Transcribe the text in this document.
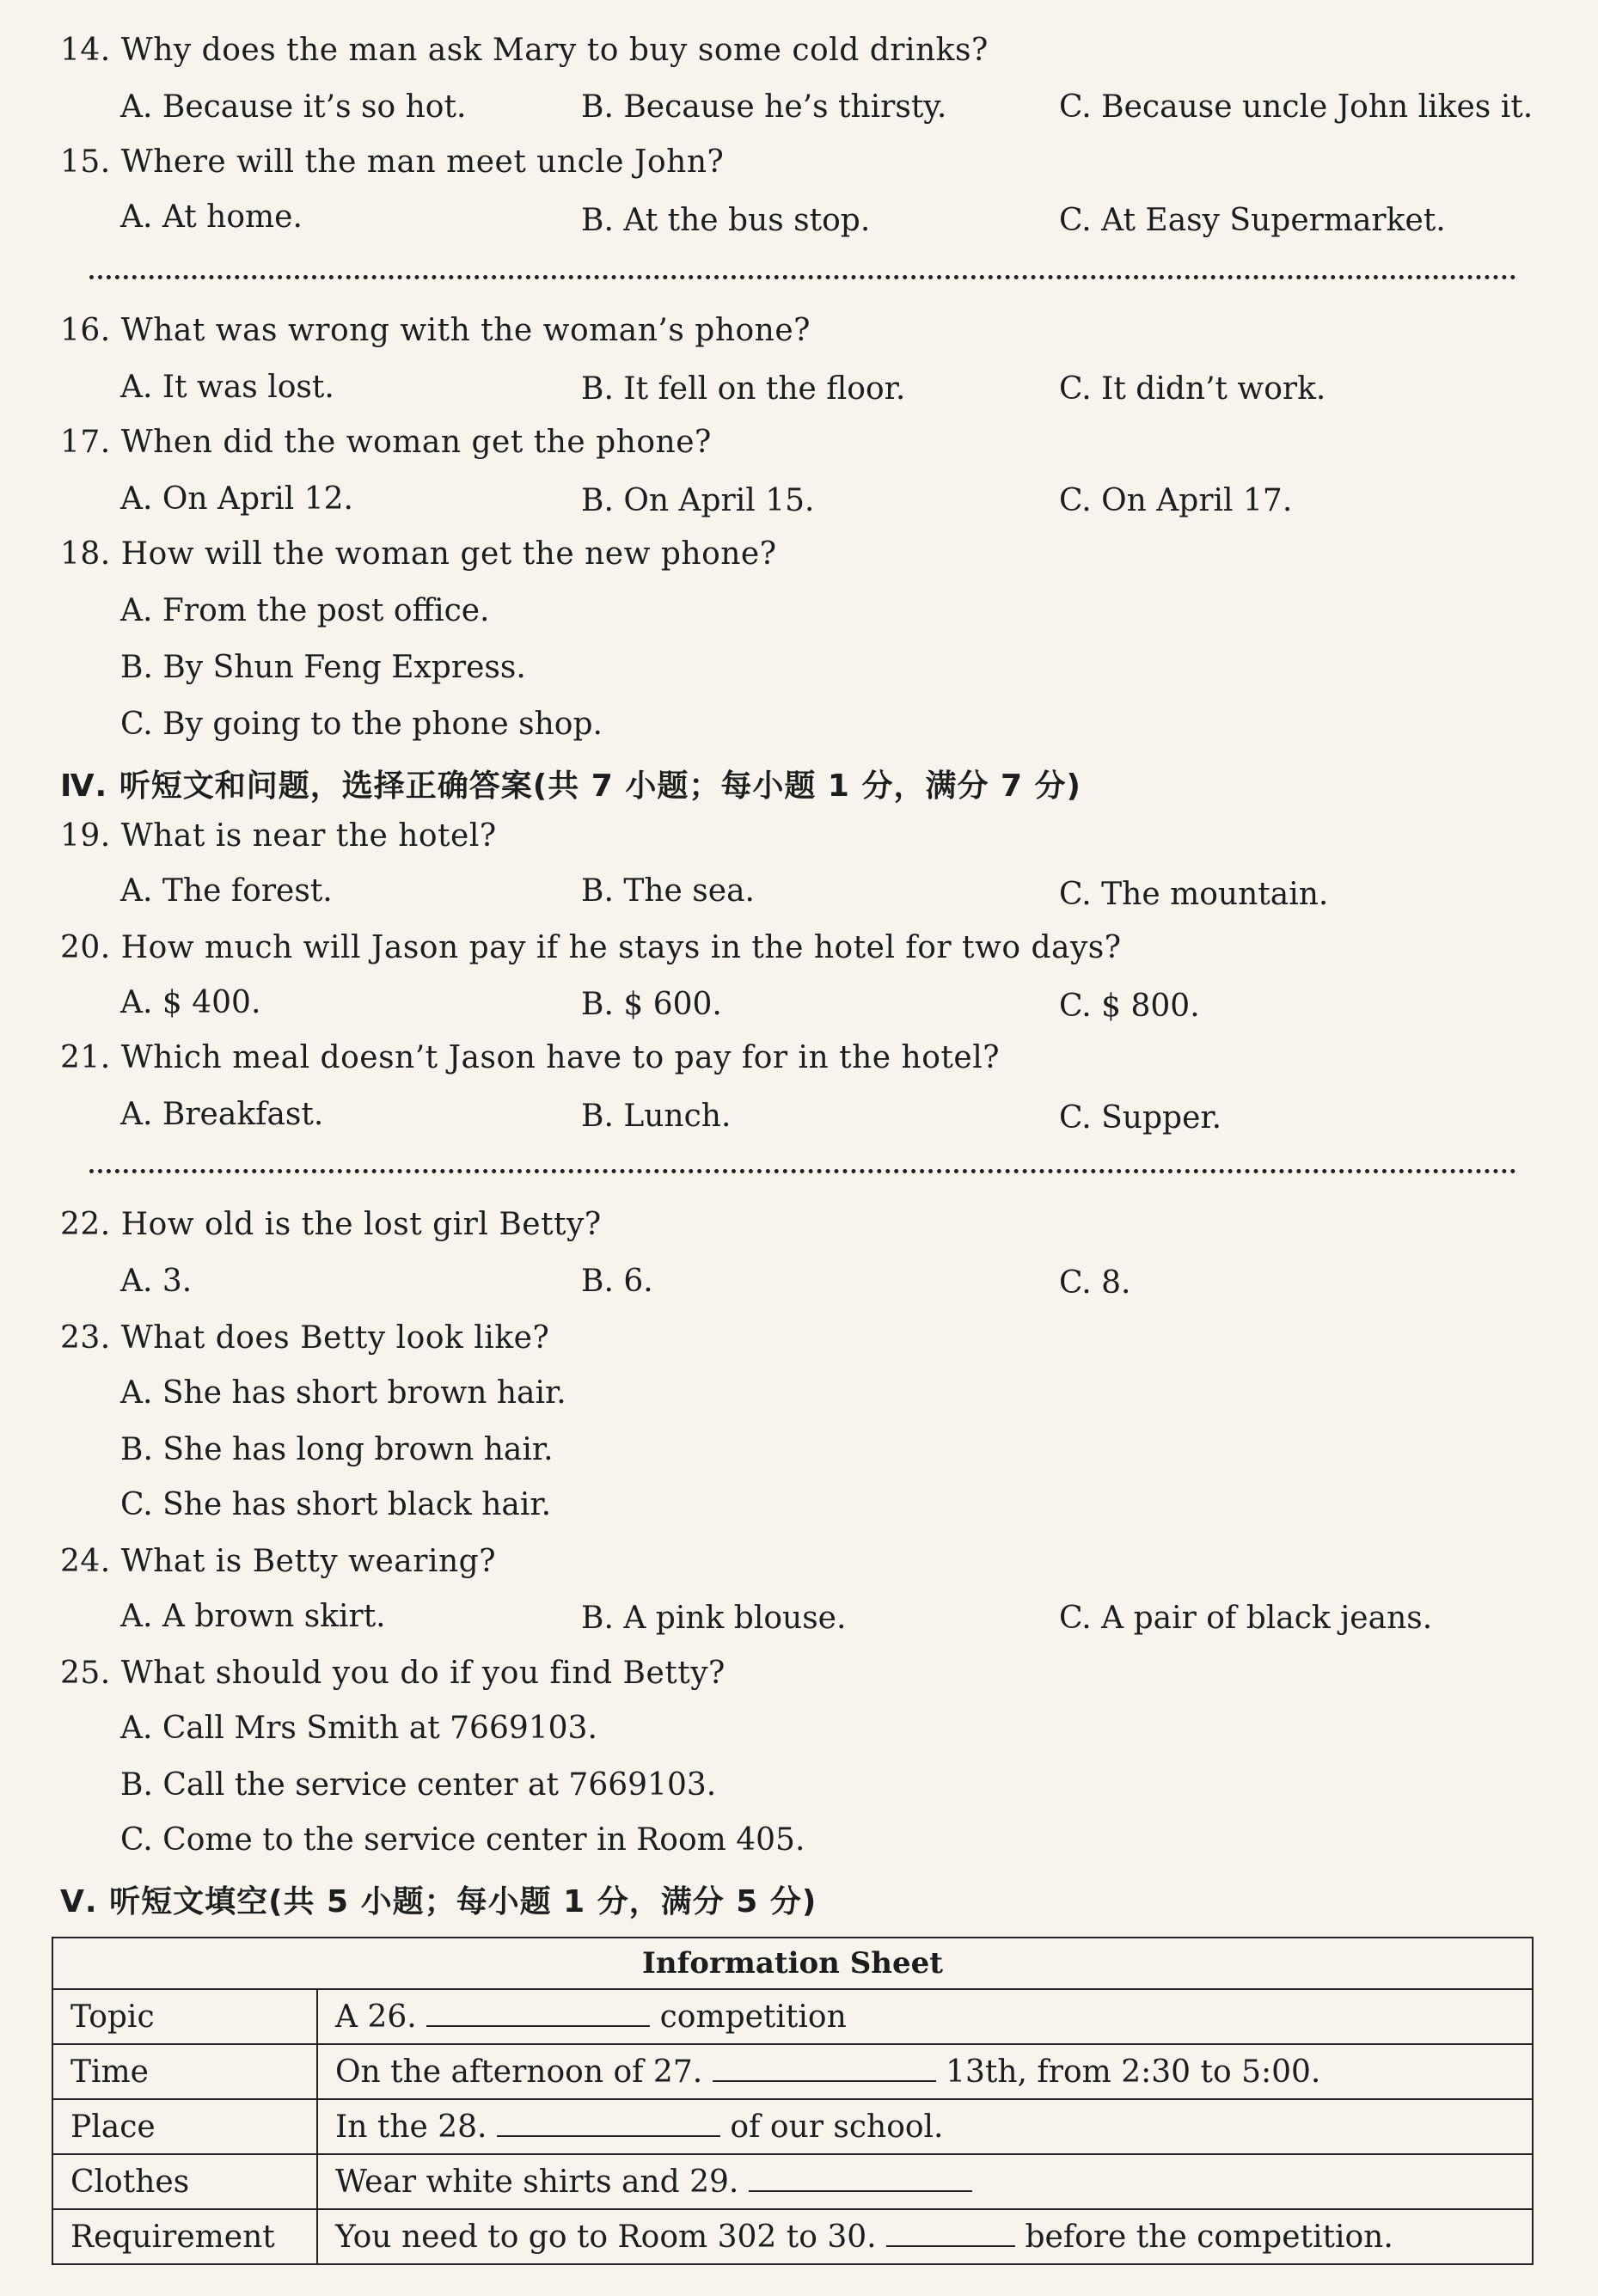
14. Why does the man ask Mary to buy some cold drinks?
A. Because it’s so hot.	B. Because he’s thirsty.	C. Because uncle John likes it.
15. Where will the man meet uncle John?
A. At home.	B. At the bus stop.	C. At Easy Supermarket.
16. What was wrong with the woman’s phone?
A. It was lost.	B. It fell on the floor.	C. It didn’t work.
17. When did the woman get the phone?
A. On April 12.	B. On April 15.	C. On April 17.
18. How will the woman get the new phone?
A. From the post office.
B. By Shun Feng Express.
C. By going to the phone shop.
Ⅳ. 听短文和问题，选择正确答案(共 7 小题；每小题 1 分，满分 7 分)
19. What is near the hotel?
A. The forest.	B. The sea.	C. The mountain.
20. How much will Jason pay if he stays in the hotel for two days?
A. $ 400.	B. $ 600.	C. $ 800.
21. Which meal doesn’t Jason have to pay for in the hotel?
A. Breakfast.	B. Lunch.	C. Supper.
22. How old is the lost girl Betty?
A. 3.	B. 6.	C. 8.
23. What does Betty look like?
A. She has short brown hair.
B. She has long brown hair.
C. She has short black hair.
24. What is Betty wearing?
A. A brown skirt.	B. A pink blouse.	C. A pair of black jeans.
25. What should you do if you find Betty?
A. Call Mrs Smith at 7669103.
B. Call the service center at 7669103.
C. Come to the service center in Room 405.
Ⅴ. 听短文填空(共 5 小题；每小题 1 分，满分 5 分)
Information Sheet	
Topic	A 26. competition
Time	On the afternoon of 27. 13th, from 2:30 to 5:00.
Place	In the 28. of our school.
Clothes	Wear white shirts and 29.
Requirement	You need to go to Room 302 to 30. before the competition.
